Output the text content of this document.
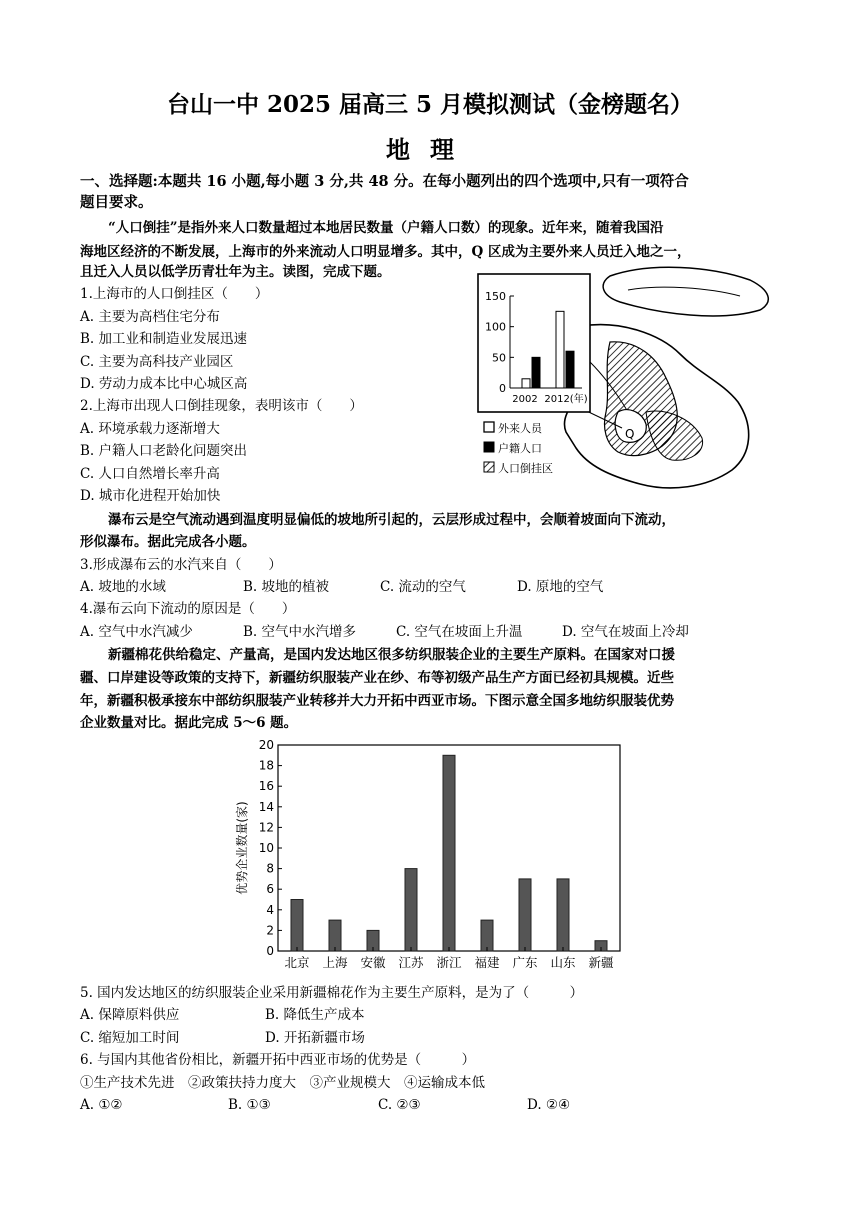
台山一中 2025 届高三 5 月模拟测试（金榜题名）
地理
一、选择题:本题共 16 小题,每小题 3 分,共 48 分。在每小题列出的四个选项中,只有一项符合
题目要求。
“人口倒挂”是指外来人口数量超过本地居民数量（户籍人口数）的现象。近年来，随着我国沿
海地区经济的不断发展，上海市的外来流动人口明显增多。其中，Q 区成为主要外来人员迁入地之一，
且迁入人员以低学历青壮年为主。读图，完成下题。
1.上海市的人口倒挂区（　　）
A. 主要为高档住宅分布
B. 加工业和制造业发展迅速
C. 主要为高科技产业园区
D. 劳动力成本比中心城区高
2.上海市出现人口倒挂现象，表明该市（　　）
A. 环境承载力逐渐增大
B. 户籍人口老龄化问题突出
C. 人口自然增长率升高
D. 城市化进程开始加快
Q
0
50
100
150
2002 2012(年)
外来人员
户籍人口
人口倒挂区
瀑布云是空气流动遇到温度明显偏低的坡地所引起的，云层形成过程中，会顺着坡面向下流动，
形似瀑布。据此完成各小题。
3.形成瀑布云的水汽来自（　　）
A. 坡地的水域	B. 坡地的植被	C. 流动的空气	D. 原地的空气
4.瀑布云向下流动的原因是（　　）
A. 空气中水汽减少	B. 空气中水汽增多	C. 空气在坡面上升温	D. 空气在坡面上冷却
新疆棉花供给稳定、产量高，是国内发达地区很多纺织服装企业的主要生产原料。在国家对口援
疆、口岸建设等政策的支持下，新疆纺织服装产业在纱、布等初级产品生产方面已经初具规模。近些
年，新疆积极承接东中部纺织服装产业转移并大力开拓中西亚市场。下图示意全国多地纺织服装优势
企业数量对比。据此完成 5～6 题。
0
2
4
6
8
10
12
14
16
18
20
北京 上海 安徽 江苏 浙江 福建 广东 山东 新疆
优势企业数量(家)
5. 国内发达地区的纺织服装企业采用新疆棉花作为主要生产原料，是为了（　　　）
A. 保障原料供应	B. 降低生产成本
C. 缩短加工时间	D. 开拓新疆市场
6. 与国内其他省份相比，新疆开拓中西亚市场的优势是（　　　）
①生产技术先进　②政策扶持力度大　③产业规模大　④运输成本低
A. ①②	B. ①③	C. ②③	D. ②④
